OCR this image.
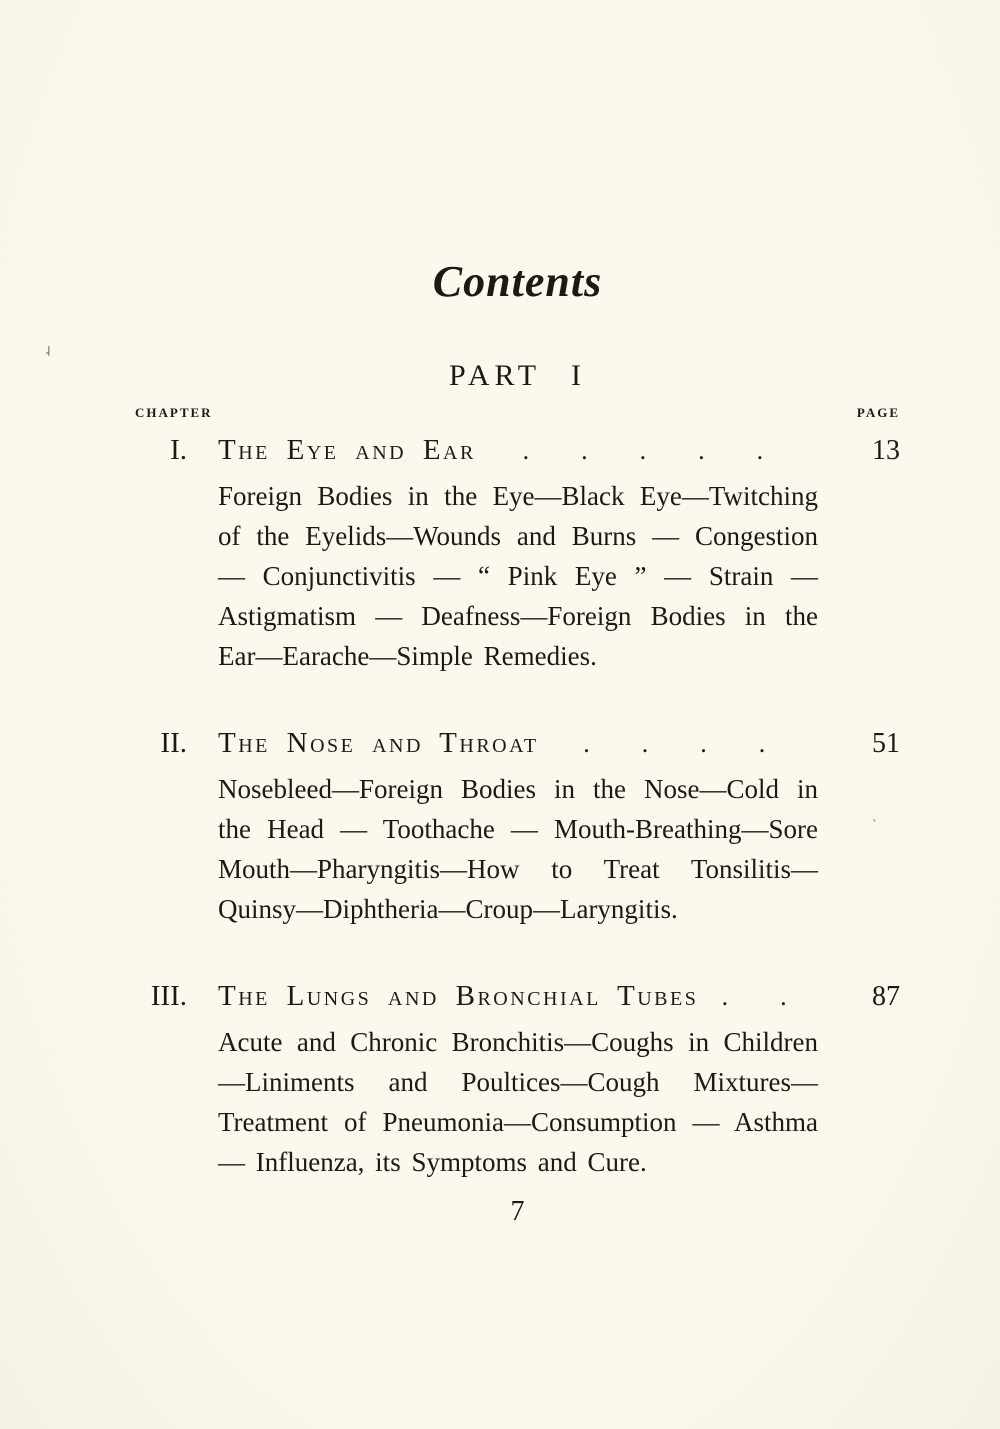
Contents
PART I
CHAPTER	PAGE
I. The Eye and Ear	.....	13
Foreign Bodies in the Eye—Black Eye—Twitching of the Eyelids—Wounds and Burns — Congestion — Conjunctivitis — “ Pink Eye ” — Strain — Astigmatism — Deafness—Foreign Bodies in the Ear—Earache—Simple Remedies.
II. The Nose and Throat	....	51
Nosebleed—Foreign Bodies in the Nose—Cold in the Head — Toothache — Mouth-Breathing—Sore Mouth—Pharyngitis—How to Treat Tonsilitis—Quinsy—Diphtheria—Croup—Laryngitis.
III. The Lungs and Bronchial Tubes ..	87
Acute and Chronic Bronchitis—Coughs in Children—Liniments and Poultices—Cough Mixtures—Treatment of Pneumonia—Consumption — Asthma — Influenza, its Symptoms and Cure.
7
˨
`
